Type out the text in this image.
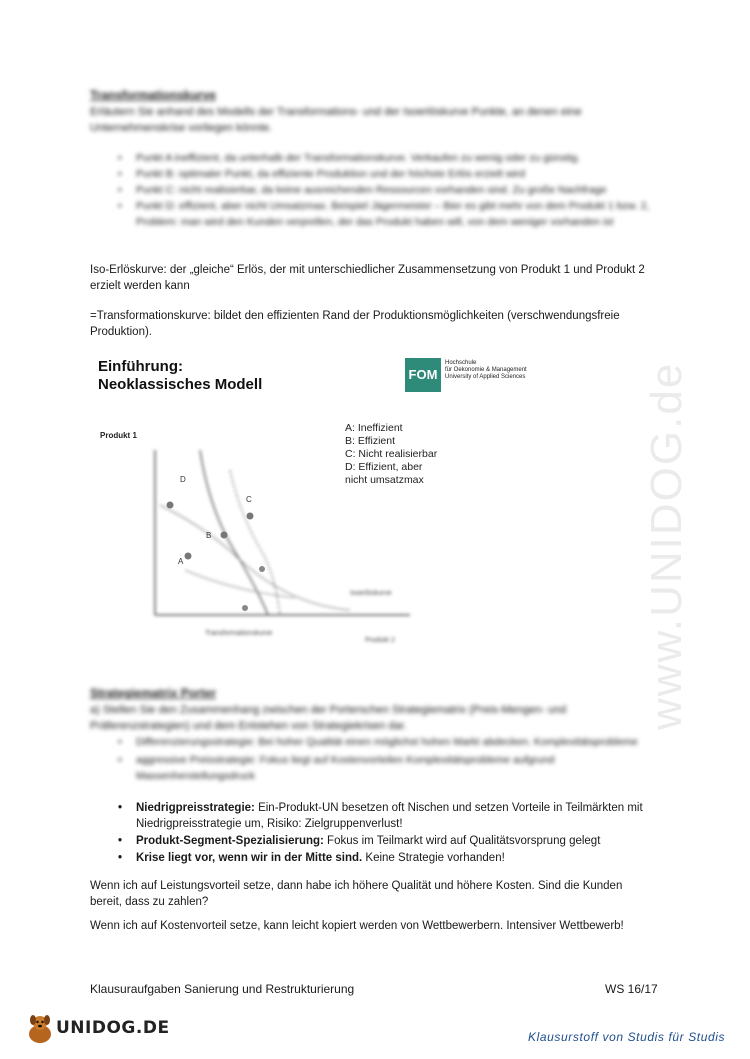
www.UNIDOG.de
Transformationskurve
Erläutern Sie anhand des Modells der Transformations- und der Isoerlöskurve Punkte, an denen eine Unternehmenskrise vorliegen könnte.
• Punkt A ineffizient, da unterhalb der Transformationskurve. Verkaufen zu wenig oder zu günstig.
• Punkt B: optimaler Punkt, da effiziente Produktion und der höchste Erlös erzielt wird
• Punkt C: nicht realisierbar, da keine ausreichenden Ressourcen vorhanden sind. Zu große Nachfrage
• Punkt D: effizient, aber nicht Umsatzmax. Beispiel Jägermeister – Bier es gibt mehr von dem Produkt 1 bzw. 2, Problem: man wird den Kunden verprellen, der das Produkt haben will, von dem weniger vorhanden ist

Iso-Erlöskurve: der „gleiche“ Erlös, der mit unterschiedlicher Zusammensetzung von Produkt 1 und Produkt 2 erzielt werden kann

=Transformationskurve: bildet den effizienten Rand der Produktionsmöglichkeiten (verschwendungsfreie Produktion).

Einführung:
Neoklassisches Modell
FOM
Hochschule
für Oekonomie & Management
University of Applied Sciences
A: Ineffizient
B: Effizient
C: Nicht realisierbar
D: Effizient, aber nicht umsatzmax
Produkt 1
Isoerlöskurve
Transformationskurve
Produkt 2
D
C
B
A
Strategiematrix Porter
a) Stellen Sie den Zusammenhang zwischen der Porterschen Strategiematrix (Preis-Mengen- und Präferenzstrategien) und dem Entstehen von Strategiekrisen dar.
• Differenzierungsstrategie: Bei hoher Qualität einen möglichst hohen Markt abdecken. Komplexitätsprobleme
• aggressive Preisstrategie: Fokus liegt auf Kostenvorteilen Komplexitätsprobleme aufgrund Massenherstellungsdruck
• Niedrigpreisstrategie: Ein-Produkt-UN besetzen oft Nischen und setzen Vorteile in Teilmärkten mit Niedrigpreisstrategie um, Risiko: Zielgruppenverlust!
• Produkt-Segment-Spezialisierung: Fokus im Teilmarkt wird auf Qualitätsvorsprung gelegt
• Krise liegt vor, wenn wir in der Mitte sind. Keine Strategie vorhanden!

Wenn ich auf Leistungsvorteil setze, dann habe ich höhere Qualität und höhere Kosten. Sind die Kunden bereit, dass zu zahlen?

Wenn ich auf Kostenvorteil setze, kann leicht kopiert werden von Wettbewerbern. Intensiver Wettbewerb!

Klausuraufgaben Sanierung und Restrukturierung	WS 16/17
UNIDOG.DE	Klausurstoff von Studis für Studis
